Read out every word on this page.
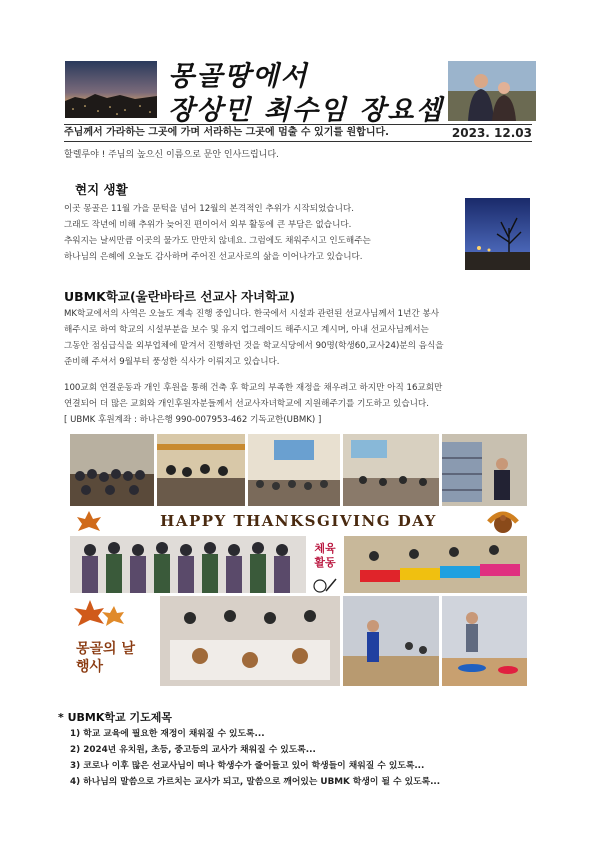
몽골땅에서
장상민 최수임 장요셉
주님께서 가라하는 그곳에 가며 서라하는 그곳에 멈출 수 있기를 원합니다.	2023. 12.03
할렐루야 ! 주님의 높으신 이름으로 문안 인사드립니다.
현지 생활
이곳 몽골은 11월 가을 문턱을 넘어 12월의 본격적인 추위가 시작되었습니다.
그래도 작년에 비해 추위가 늦어진 편이어서 외부 활동에 큰 부담은 없습니다.
추워지는 날씨만큼 이곳의 물가도 만만치 않네요. 그럼에도 채워주시고 인도해주는
하나님의 은혜에 오늘도 감사하며 주어진 선교사로의 삶을 이어나가고 있습니다.
UBMK학교(울란바타르 선교사 자녀학교)
MK학교에서의 사역은 오늘도 계속 진행 중입니다. 한국에서 시설과 관련된 선교사님께서 1년간 봉사
해주시로 하여 학교의 시설부분을 보수 및 유지 업그레이드 해주시고 계시며, 아내 선교사님께서는
그동안 점심급식을 외부업체에 맡겨서 진행하던 것을 학교식당에서 90명(학생60,교사24)분의 음식을
준비해 주셔서 9월부터 풍성한 식사가 이뤄지고 있습니다.
100교회 연결운동과 개인 후원을 통해 건축 후 학교의 부족한 재정을 채우려고 하지만 아직 16교회만
연결되어 더 많은 교회와 개인후원자분들께서 선교사자녀학교에 지원해주기를 기도하고 있습니다.
[ UBMK 후원계좌 : 하나은행 990-007953-462 기독교한(UBMK) ]
HAPPY THANKSGIVING DAY
체육
활동
몽골의 날
행사
* UBMK학교 기도제목
1) 학교 교육에 필요한 재정이 채워질 수 있도록...
2) 2024년 유치원, 초등, 중고등의 교사가 채워질 수 있도록...
3) 코로나 이후 많은 선교사님이 떠나 학생수가 줄어들고 있어 학생들이 채워질 수 있도록...
4) 하나님의 말씀으로 가르치는 교사가 되고, 말씀으로 깨어있는 UBMK 학생이 될 수 있도록...
